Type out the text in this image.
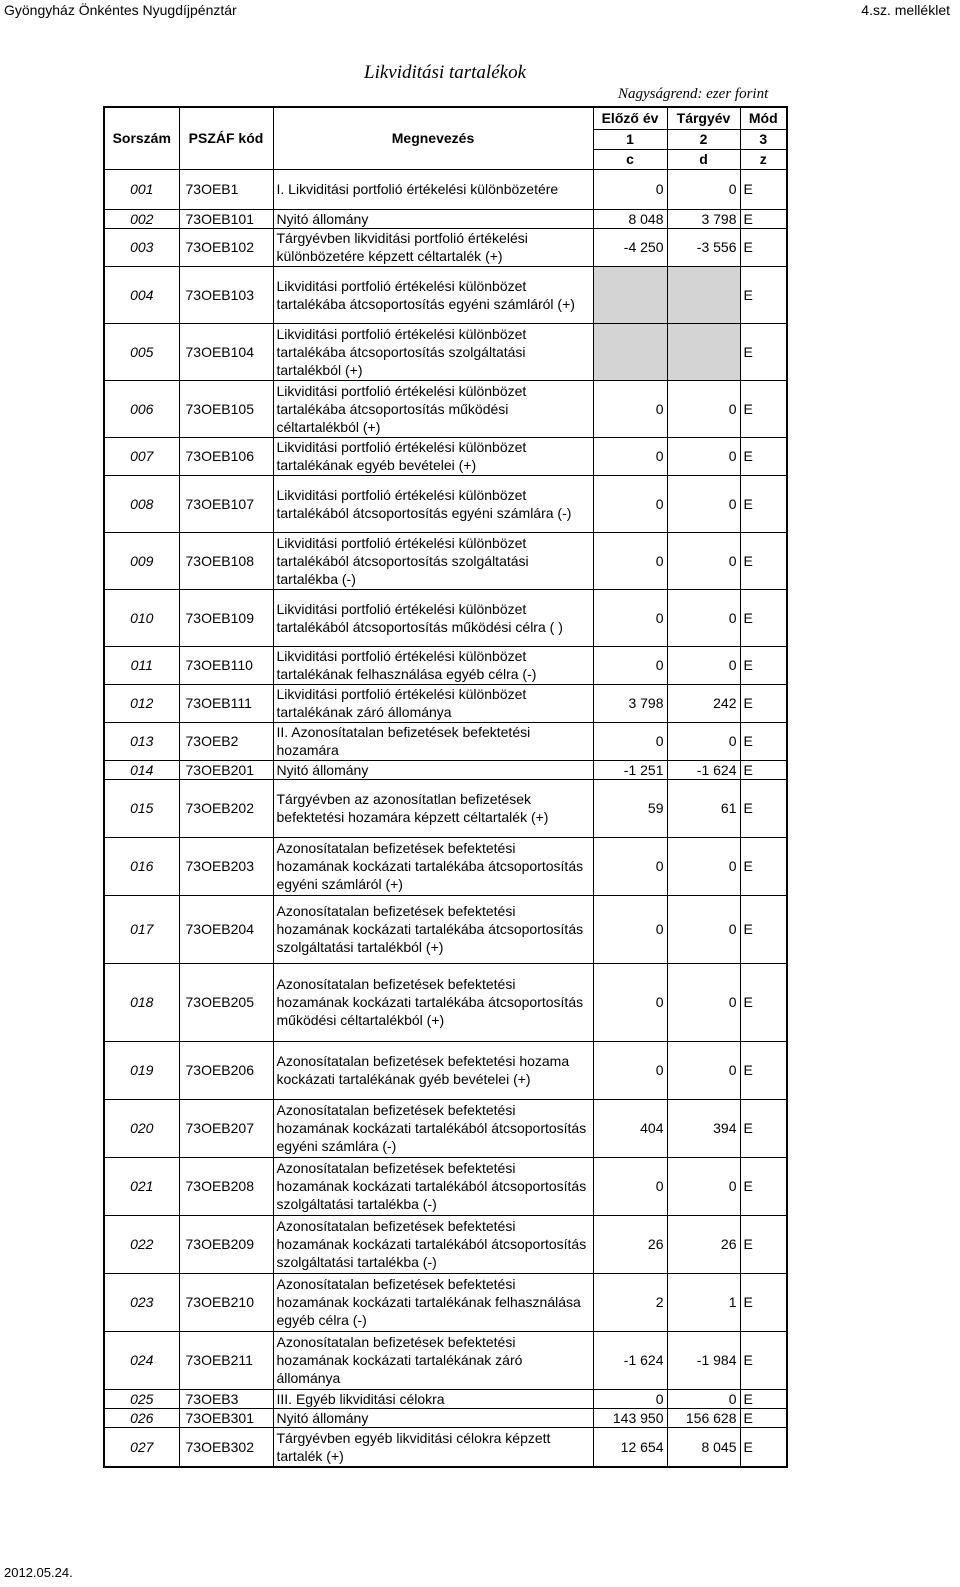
Gyöngyház Önkéntes Nyugdíjpénztár	4.sz. melléklet
Likviditási tartalékok
Nagyságrend: ezer forint
Sorszám	PSZÁF kód	Megnevezés	Előző év	Tárgyév	Mód
			1	2	3
			c	d	z
001	73OEB1	I. Likviditási portfolió értékelési különbözetére	0	0	E
002	73OEB101	Nyitó állomány	8 048	3 798	E
003	73OEB102	Tárgyévben likviditási portfolió értékelési különbözetére képzett céltartalék (+)	-4 250	-3 556	E
004	73OEB103	Likviditási portfolió értékelési különbözet tartalékába átcsoportosítás egyéni számláról (+)			E
005	73OEB104	Likviditási portfolió értékelési különbözet tartalékába átcsoportosítás szolgáltatási tartalékból (+)			E
006	73OEB105	Likviditási portfolió értékelési különbözet tartalékába átcsoportosítás működési céltartalékból (+)	0	0	E
007	73OEB106	Likviditási portfolió értékelési különbözet tartalékának egyéb bevételei (+)	0	0	E
008	73OEB107	Likviditási portfolió értékelési különbözet tartalékából átcsoportosítás egyéni számlára (-)	0	0	E
009	73OEB108	Likviditási portfolió értékelési különbözet tartalékából átcsoportosítás szolgáltatási tartalékba (-)	0	0	E
010	73OEB109	Likviditási portfolió értékelési különbözet tartalékából átcsoportosítás működési célra ( )	0	0	E
011	73OEB110	Likviditási portfolió értékelési különbözet tartalékának felhasználása egyéb célra (-)	0	0	E
012	73OEB111	Likviditási portfolió értékelési különbözet tartalékának záró állománya	3 798	242	E
013	73OEB2	II. Azonosítatalan befizetések befektetési hozamára	0	0	E
014	73OEB201	Nyitó állomány	-1 251	-1 624	E
015	73OEB202	Tárgyévben az azonosítatlan befizetések befektetési hozamára képzett céltartalék (+)	59	61	E
016	73OEB203	Azonosítatalan befizetések befektetési hozamának kockázati tartalékába átcsoportosítás egyéni számláról (+)	0	0	E
017	73OEB204	Azonosítatalan befizetések befektetési hozamának kockázati tartalékába átcsoportosítás szolgáltatási tartalékból (+)	0	0	E
018	73OEB205	Azonosítatalan befizetések befektetési hozamának kockázati tartalékába átcsoportosítás működési céltartalékból (+)	0	0	E
019	73OEB206	Azonosítatalan befizetések befektetési hozama kockázati tartalékának gyéb bevételei (+)	0	0	E
020	73OEB207	Azonosítatalan befizetések befektetési hozamának kockázati tartalékából átcsoportosítás egyéni számlára (-)	404	394	E
021	73OEB208	Azonosítatalan befizetések befektetési hozamának kockázati tartalékából átcsoportosítás szolgáltatási tartalékba (-)	0	0	E
022	73OEB209	Azonosítatalan befizetések befektetési hozamának kockázati tartalékából átcsoportosítás szolgáltatási tartalékba (-)	26	26	E
023	73OEB210	Azonosítatalan befizetések befektetési hozamának kockázati tartalékának felhasználása egyéb célra (-)	2	1	E
024	73OEB211	Azonosítatalan befizetések befektetési hozamának kockázati tartalékának záró állománya	-1 624	-1 984	E
025	73OEB3	III. Egyéb likviditási célokra	0	0	E
026	73OEB301	Nyitó állomány	143 950	156 628	E
027	73OEB302	Tárgyévben egyéb likviditási célokra képzett tartalék (+)	12 654	8 045	E
2012.05.24.
